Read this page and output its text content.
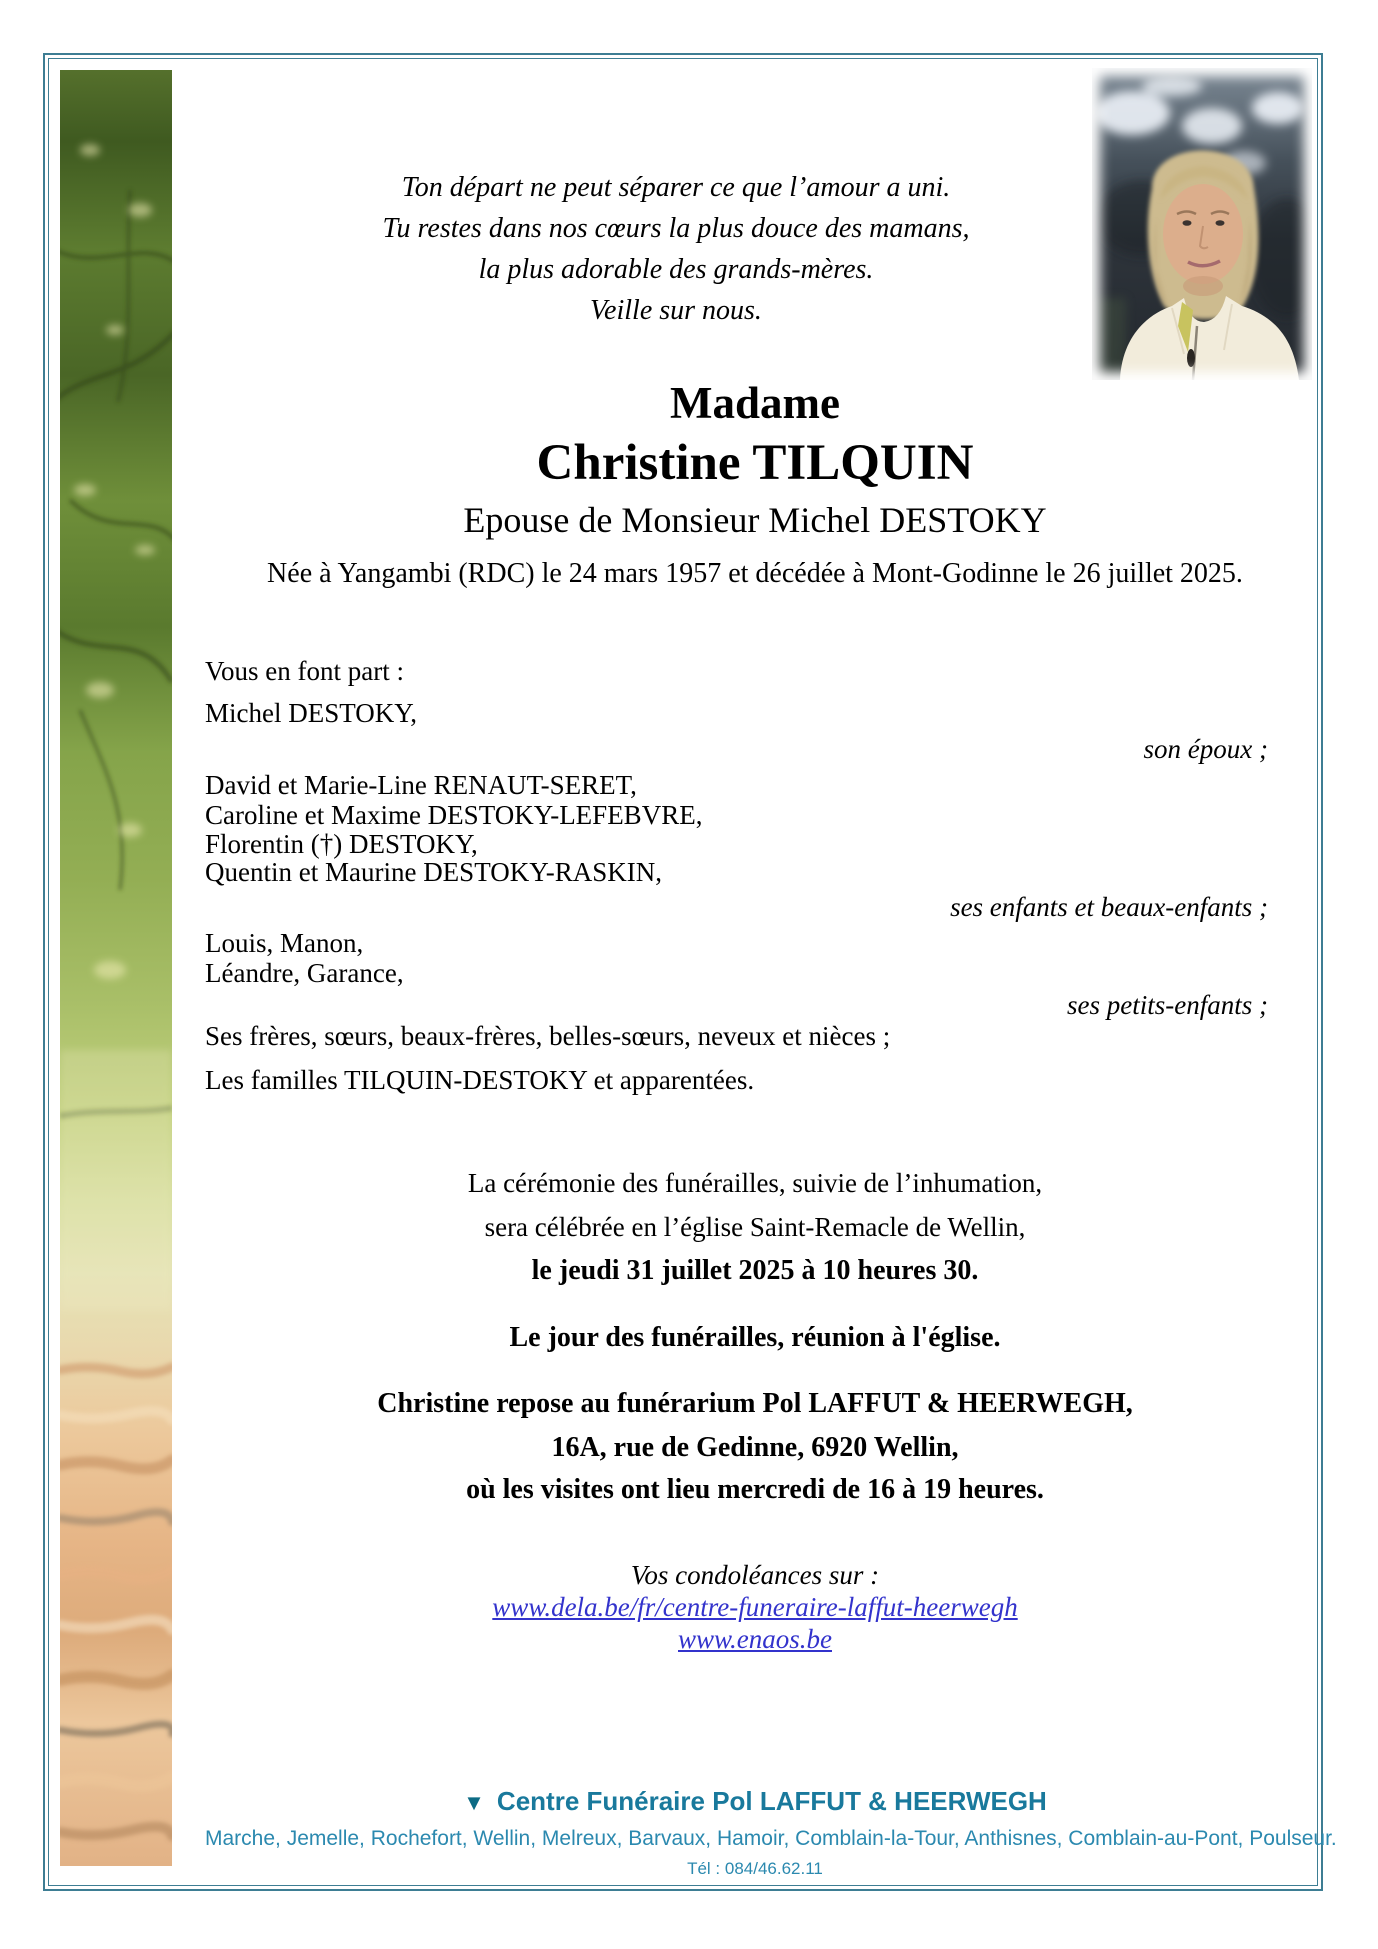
Ton départ ne peut séparer ce que l’amour a uni.
Tu restes dans nos cœurs la plus douce des mamans,
la plus adorable des grands-mères.
Veille sur nous.
Madame
Christine TILQUIN
Epouse de Monsieur Michel DESTOKY
Née à Yangambi (RDC) le 24 mars 1957 et décédée à Mont-Godinne le 26 juillet 2025.
Vous en font part :
Michel DESTOKY,
son époux ;
David et Marie-Line RENAUT-SERET,
Caroline et Maxime DESTOKY-LEFEBVRE,
Florentin (†) DESTOKY,
Quentin et Maurine DESTOKY-RASKIN,
ses enfants et beaux-enfants ;
Louis, Manon,
Léandre, Garance,
ses petits-enfants ;
Ses frères, sœurs, beaux-frères, belles-sœurs, neveux et nièces ;
Les familles TILQUIN-DESTOKY et apparentées.
La cérémonie des funérailles, suivie de l’inhumation,
sera célébrée en l’église Saint-Remacle de Wellin,
le jeudi 31 juillet 2025 à 10 heures 30.
Le jour des funérailles, réunion à l'église.
Christine repose au funérarium Pol LAFFUT & HEERWEGH,
16A, rue de Gedinne, 6920 Wellin,
où les visites ont lieu mercredi de 16 à 19 heures.
Vos condoléances sur :
www.dela.be/fr/centre-funeraire-laffut-heerwegh
www.enaos.be
▼ Centre Funéraire Pol LAFFUT & HEERWEGH
Marche, Jemelle, Rochefort, Wellin, Melreux, Barvaux, Hamoir, Comblain-la-Tour, Anthisnes, Comblain-au-Pont, Poulseur.
Tél : 084/46.62.11
